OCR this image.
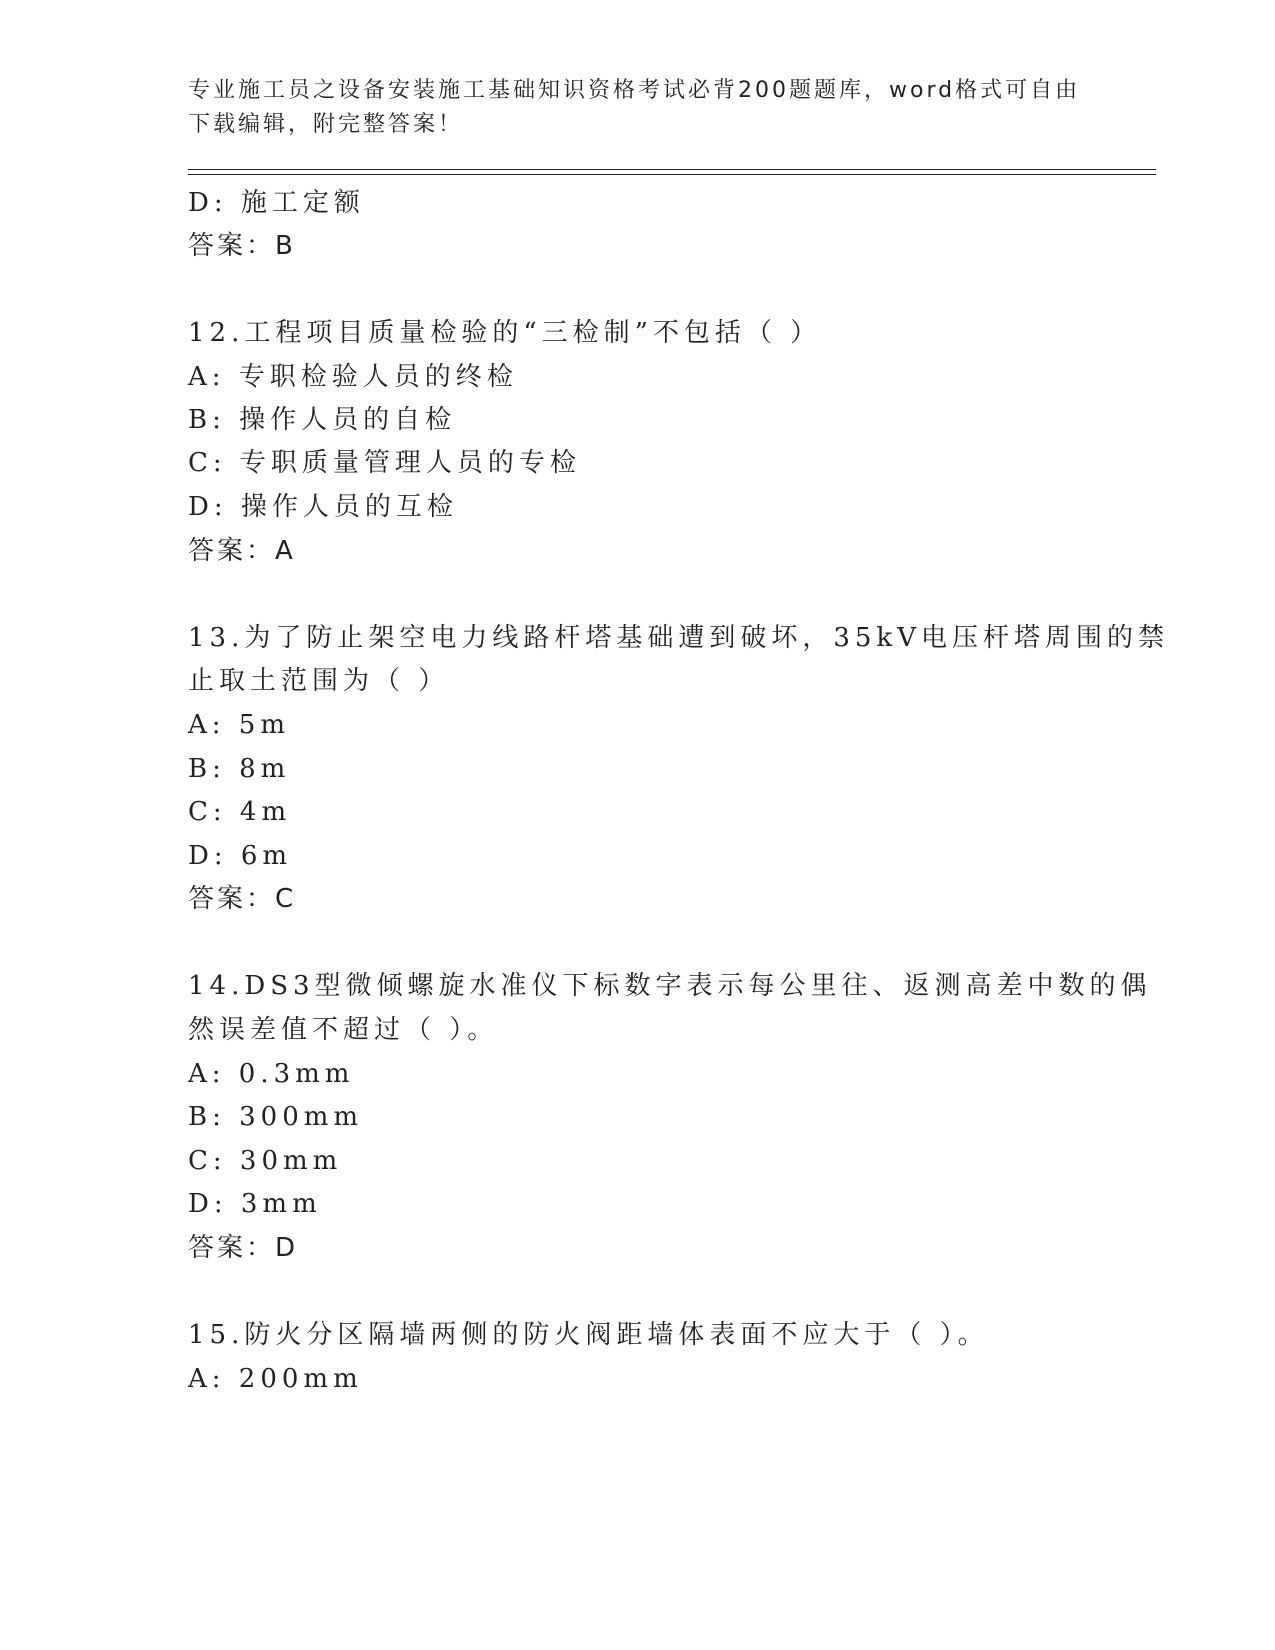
专业施工员之设备安装施工基础知识资格考试必背200题题库，word格式可自由下载编辑，附完整答案！
D: 施工定额
答案：B
12.工程项目质量检验的“三检制”不包括（ ）
A: 专职检验人员的终检
B: 操作人员的自检
C: 专职质量管理人员的专检
D: 操作人员的互检
答案：A
13.为了防止架空电力线路杆塔基础遭到破坏，35kV电压杆塔周围的禁
止取土范围为（ ）
A: 5m
B: 8m
C: 4m
D: 6m
答案：C
14.DS3型微倾螺旋水准仪下标数字表示每公里往、返测高差中数的偶
然误差值不超过（ ）。
A: 0.3mm
B: 300mm
C: 30mm
D: 3mm
答案：D
15.防火分区隔墙两侧的防火阀距墙体表面不应大于（ ）。
A: 200mm
